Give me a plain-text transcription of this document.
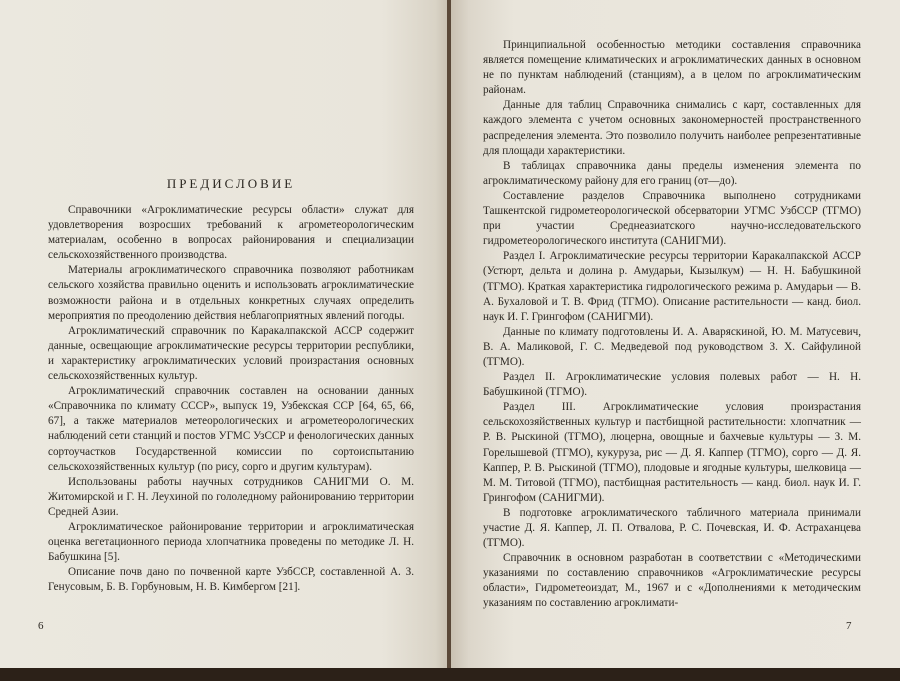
ПРЕДИСЛОВИЕ

Справочники «Агроклиматические ресурсы области» служат для удовлетворения возросших требований к агрометеорологическим материалам, особенно в вопросах районирования и специализации сельскохозяйственного производства.

Материалы агроклиматического справочника позволяют работникам сельского хозяйства правильно оценить и использовать агроклиматические возможности района и в отдельных конкретных случаях определить мероприятия по преодолению действия неблагоприятных явлений погоды.

Агроклиматический справочник по Каракалпакской АССР содержит данные, освещающие агроклиматические ресурсы территории республики, и характеристику агроклиматических условий произрастания основных сельскохозяйственных культур.

Агроклиматический справочник составлен на основании данных «Справочника по климату СССР», выпуск 19, Узбекская ССР [64, 65, 66, 67], а также материалов метеорологических и агрометеорологических наблюдений сети станций и постов УГМС УзССР и фенологических данных сортоучастков Государственной комиссии по сортоиспытанию сельскохозяйственных культур (по рису, сорго и другим культурам).

Использованы работы научных сотрудников САНИГМИ О. М. Житомирской и Г. Н. Леухиной по гололедному районированию территории Средней Азии.

Агроклиматическое районирование территории и агроклиматическая оценка вегетационного периода хлопчатника проведены по методике Л. Н. Бабушкина [5].

Описание почв дано по почвенной карте УзбССР, составленной А. З. Генусовым, Б. В. Горбуновым, Н. В. Кимбергом [21].

6

Принципиальной особенностью методики составления справочника является помещение климатических и агроклиматических данных в основном не по пунктам наблюдений (станциям), а в целом по агроклиматическим районам.

Данные для таблиц Справочника снимались с карт, составленных для каждого элемента с учетом основных закономерностей пространственного распределения элемента. Это позволило получить наиболее репрезентативные для площади характеристики.

В таблицах справочника даны пределы изменения элемента по агроклиматическому району для его границ (от—до).

Составление разделов Справочника выполнено сотрудниками Ташкентской гидрометеорологической обсерватории УГМС УзбССР (ТГМО) при участии Среднеазиатского научно-исследовательского гидрометеорологического института (САНИГМИ).

Раздел I. Агроклиматические ресурсы территории Каракалпакской АССР (Устюрт, дельта и долина р. Амударьи, Кызылкум) — Н. Н. Бабушкиной (ТГМО). Краткая характеристика гидрологического режима р. Амударьи — В. А. Бухаловой и Т. В. Фрид (ТГМО). Описание растительности — канд. биол. наук И. Г. Грингофом (САНИГМИ).

Данные по климату подготовлены И. А. Аваряскиной, Ю. М. Матусевич, В. А. Маликовой, Г. С. Медведевой под руководством З. Х. Сайфулиной (ТГМО).

Раздел II. Агроклиматические условия полевых работ — Н. Н. Бабушкиной (ТГМО).

Раздел III. Агроклиматические условия произрастания сельскохозяйственных культур и пастбищной растительности: хлопчатник — Р. В. Рыскиной (ТГМО), люцерна, овощные и бахчевые культуры — З. М. Горелышевой (ТГМО), кукуруза, рис — Д. Я. Каппер (ТГМО), сорго — Д. Я. Каппер, Р. В. Рыскиной (ТГМО), плодовые и ягодные культуры, шелковица — М. М. Титовой (ТГМО), пастбищная растительность — канд. биол. наук И. Г. Грингофом (САНИГМИ).

В подготовке агроклиматического табличного материала принимали участие Д. Я. Каппер, Л. П. Отвалова, Р. С. Почевская, И. Ф. Астраханцева (ТГМО).

Справочник в основном разработан в соответствии с «Методическими указаниями по составлению справочников «Агроклиматические ресурсы области», Гидрометеоиздат, М., 1967 и с «Дополнениями к методическим указаниям по составлению агроклимати-

7
